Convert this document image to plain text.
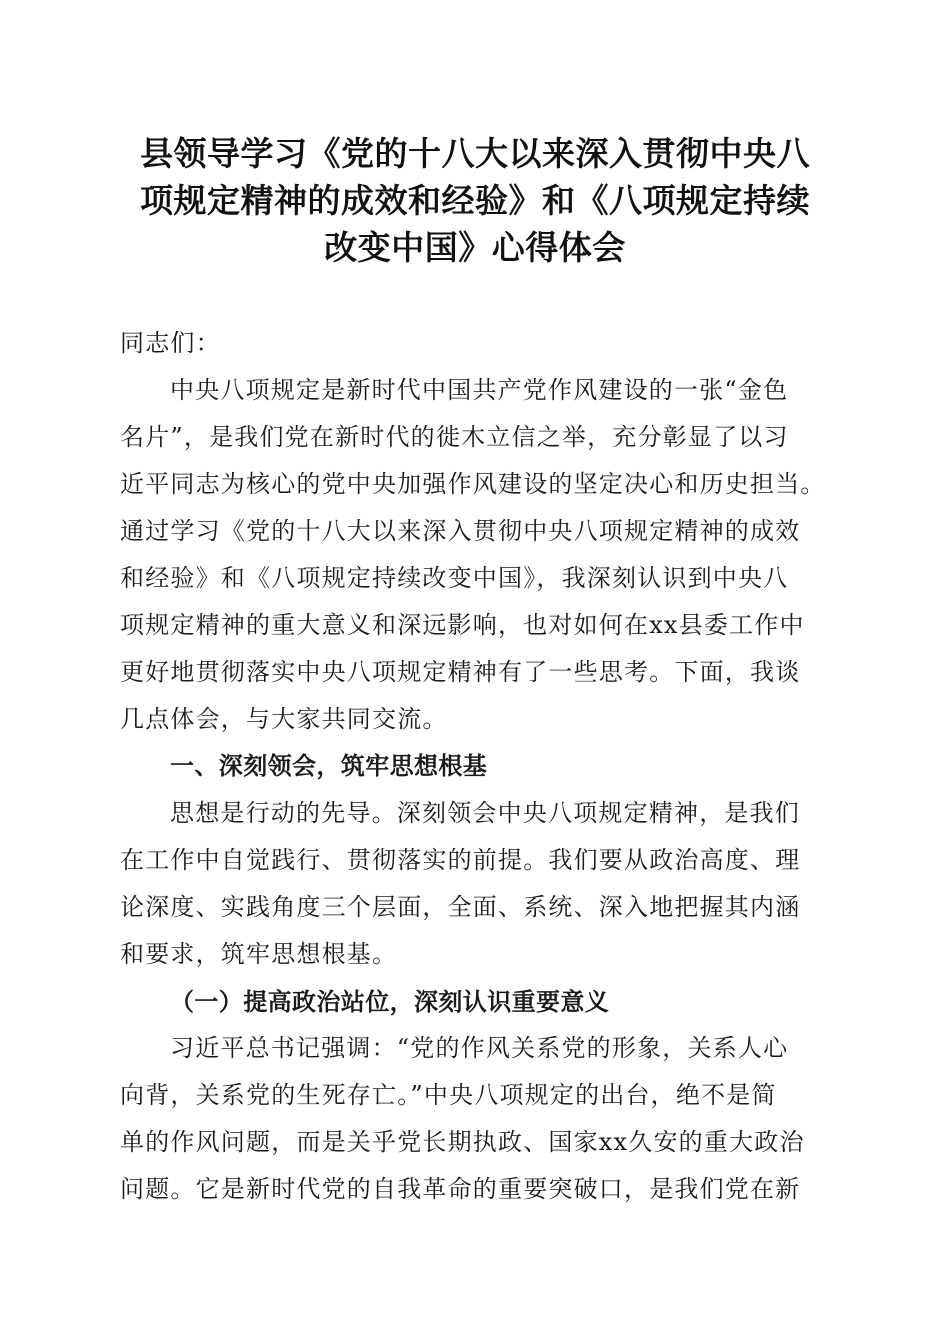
县领导学习《党的十八大以来深入贯彻中央八
项规定精神的成效和经验》和《八项规定持续
改变中国》心得体会
同志们：
中央八项规定是新时代中国共产党作风建设的一张“金色
名片”，是我们党在新时代的徙木立信之举，充分彰显了以习
近平同志为核心的党中央加强作风建设的坚定决心和历史担当。
通过学习《党的十八大以来深入贯彻中央八项规定精神的成效
和经验》和《八项规定持续改变中国》，我深刻认识到中央八
项规定精神的重大意义和深远影响，也对如何在xx县委工作中
更好地贯彻落实中央八项规定精神有了一些思考。下面，我谈
几点体会，与大家共同交流。
一、深刻领会，筑牢思想根基
思想是行动的先导。深刻领会中央八项规定精神，是我们
在工作中自觉践行、贯彻落实的前提。我们要从政治高度、理
论深度、实践角度三个层面，全面、系统、深入地把握其内涵
和要求，筑牢思想根基。
（一）提高政治站位，深刻认识重要意义
习近平总书记强调：“党的作风关系党的形象，关系人心
向背，关系党的生死存亡。”中央八项规定的出台，绝不是简
单的作风问题，而是关乎党长期执政、国家xx久安的重大政治
问题。它是新时代党的自我革命的重要突破口，是我们党在新
